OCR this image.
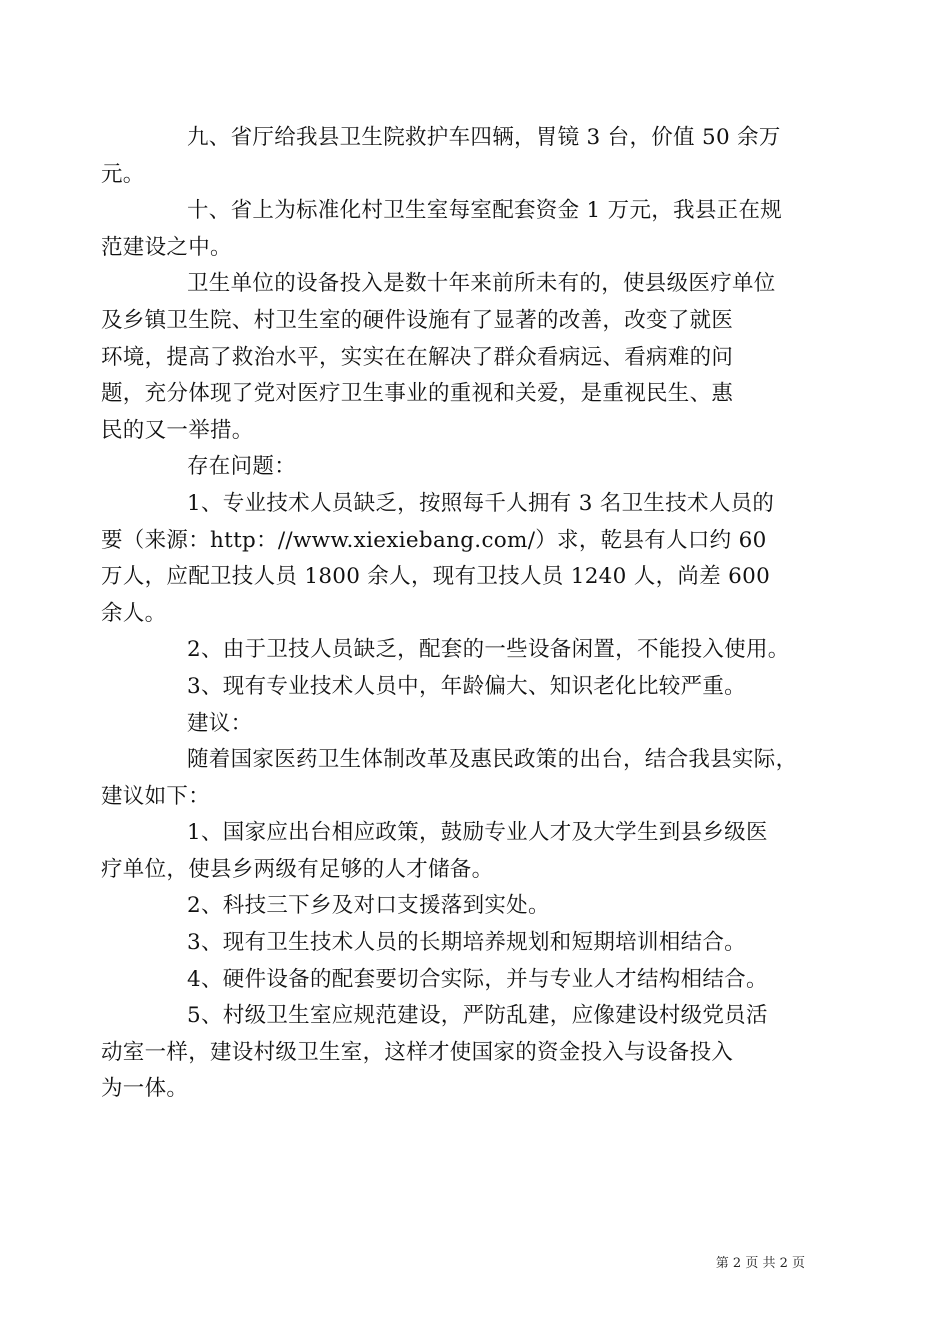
九、省厅给我县卫生院救护车四辆，胃镜 3 台，价值 50 余万
元。

十、省上为标准化村卫生室每室配套资金 1 万元，我县正在规
范建设之中。

卫生单位的设备投入是数十年来前所未有的，使县级医疗单位
及乡镇卫生院、村卫生室的硬件设施有了显著的改善，改变了就医
环境，提高了救治水平，实实在在解决了群众看病远、看病难的问
题，充分体现了党对医疗卫生事业的重视和关爱，是重视民生、惠
民的又一举措。

存在问题：

1、专业技术人员缺乏，按照每千人拥有 3 名卫生技术人员的
要（来源：http：//www.xiexiebang.com/）求，乾县有人口约 60
万人，应配卫技人员 1800 余人，现有卫技人员 1240 人，尚差 600
余人。

2、由于卫技人员缺乏，配套的一些设备闲置，不能投入使用。

3、现有专业技术人员中，年龄偏大、知识老化比较严重。

建议：

随着国家医药卫生体制改革及惠民政策的出台，结合我县实际，
建议如下：

1、国家应出台相应政策，鼓励专业人才及大学生到县乡级医
疗单位，使县乡两级有足够的人才储备。

2、科技三下乡及对口支援落到实处。

3、现有卫生技术人员的长期培养规划和短期培训相结合。

4、硬件设备的配套要切合实际，并与专业人才结构相结合。

5、村级卫生室应规范建设，严防乱建，应像建设村级党员活
动室一样，建设村级卫生室，这样才使国家的资金投入与设备投入
为一体。

第 2 页 共 2 页
